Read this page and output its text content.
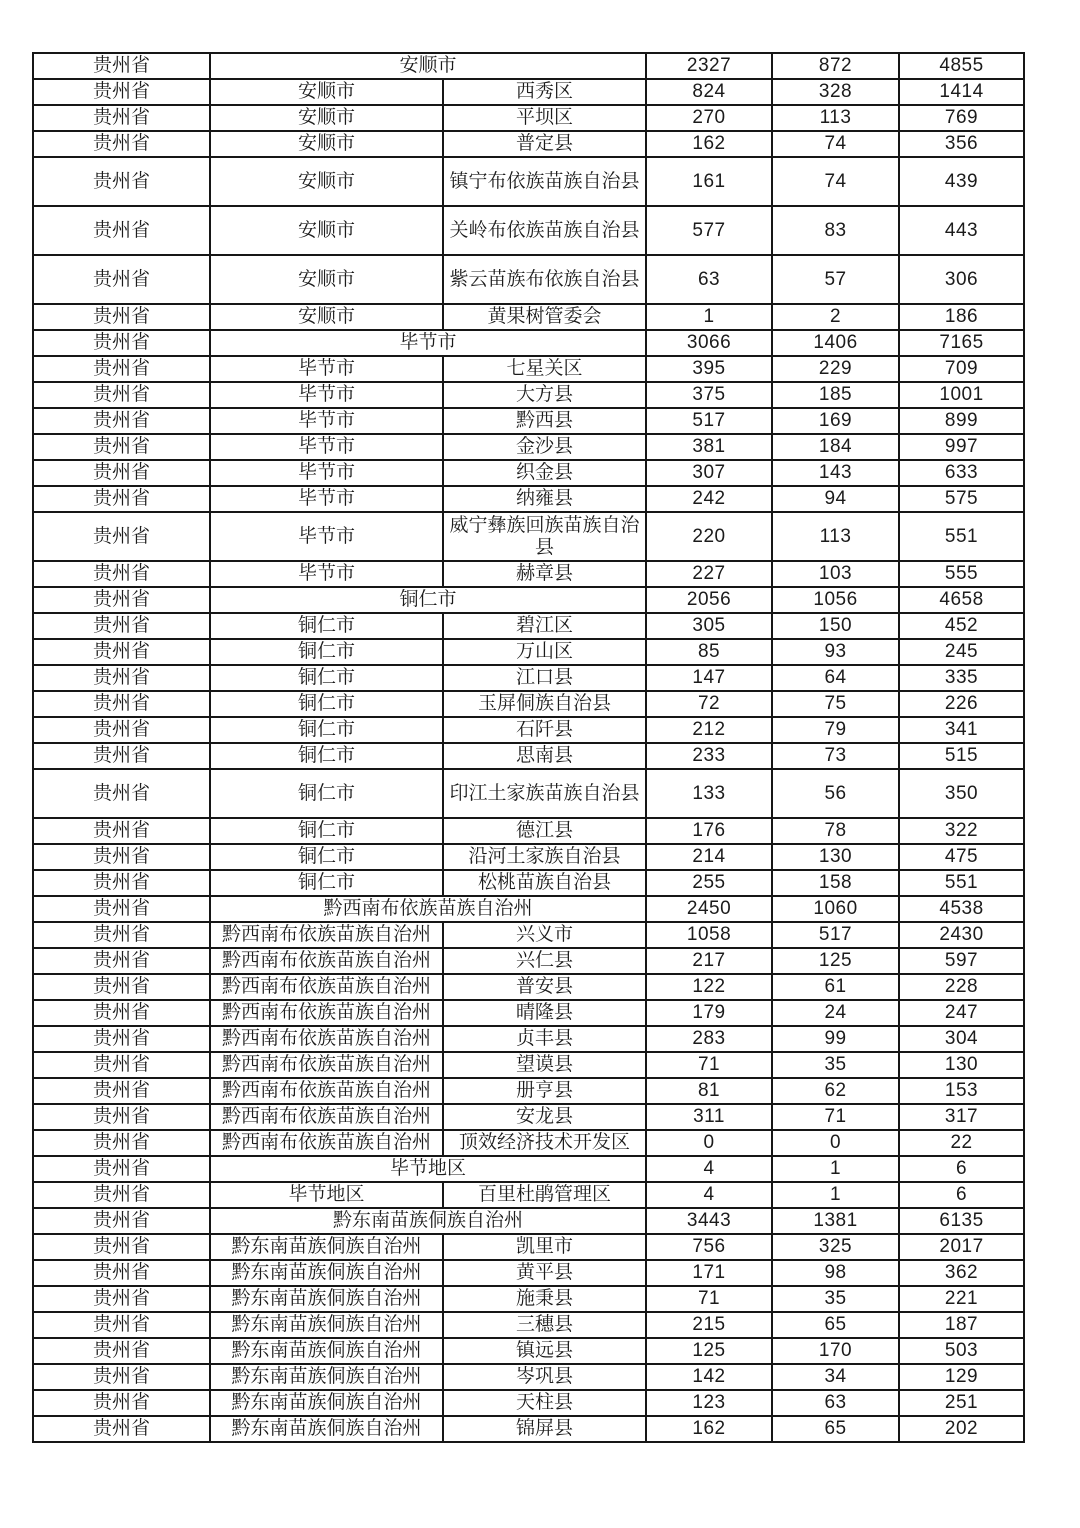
贵州省	安顺市		2327	872	4855
贵州省	安顺市	西秀区	824	328	1414
贵州省	安顺市	平坝区	270	113	769
贵州省	安顺市	普定县	162	74	356
贵州省	安顺市	镇宁布依族苗族自治县	161	74	439
贵州省	安顺市	关岭布依族苗族自治县	577	83	443
贵州省	安顺市	紫云苗族布依族自治县	63	57	306
贵州省	安顺市	黄果树管委会	1	2	186
贵州省	毕节市		3066	1406	7165
贵州省	毕节市	七星关区	395	229	709
贵州省	毕节市	大方县	375	185	1001
贵州省	毕节市	黔西县	517	169	899
贵州省	毕节市	金沙县	381	184	997
贵州省	毕节市	织金县	307	143	633
贵州省	毕节市	纳雍县	242	94	575
贵州省	毕节市	威宁彝族回族苗族自治县	220	113	551
贵州省	毕节市	赫章县	227	103	555
贵州省	铜仁市		2056	1056	4658
贵州省	铜仁市	碧江区	305	150	452
贵州省	铜仁市	万山区	85	93	245
贵州省	铜仁市	江口县	147	64	335
贵州省	铜仁市	玉屏侗族自治县	72	75	226
贵州省	铜仁市	石阡县	212	79	341
贵州省	铜仁市	思南县	233	73	515
贵州省	铜仁市	印江土家族苗族自治县	133	56	350
贵州省	铜仁市	德江县	176	78	322
贵州省	铜仁市	沿河土家族自治县	214	130	475
贵州省	铜仁市	松桃苗族自治县	255	158	551
贵州省	黔西南布依族苗族自治州		2450	1060	4538
贵州省	黔西南布依族苗族自治州	兴义市	1058	517	2430
贵州省	黔西南布依族苗族自治州	兴仁县	217	125	597
贵州省	黔西南布依族苗族自治州	普安县	122	61	228
贵州省	黔西南布依族苗族自治州	晴隆县	179	24	247
贵州省	黔西南布依族苗族自治州	贞丰县	283	99	304
贵州省	黔西南布依族苗族自治州	望谟县	71	35	130
贵州省	黔西南布依族苗族自治州	册亨县	81	62	153
贵州省	黔西南布依族苗族自治州	安龙县	311	71	317
贵州省	黔西南布依族苗族自治州	顶效经济技术开发区	0	0	22
贵州省	毕节地区		4	1	6
贵州省	毕节地区	百里杜鹃管理区	4	1	6
贵州省	黔东南苗族侗族自治州		3443	1381	6135
贵州省	黔东南苗族侗族自治州	凯里市	756	325	2017
贵州省	黔东南苗族侗族自治州	黄平县	171	98	362
贵州省	黔东南苗族侗族自治州	施秉县	71	35	221
贵州省	黔东南苗族侗族自治州	三穗县	215	65	187
贵州省	黔东南苗族侗族自治州	镇远县	125	170	503
贵州省	黔东南苗族侗族自治州	岑巩县	142	34	129
贵州省	黔东南苗族侗族自治州	天柱县	123	63	251
贵州省	黔东南苗族侗族自治州	锦屏县	162	65	202
